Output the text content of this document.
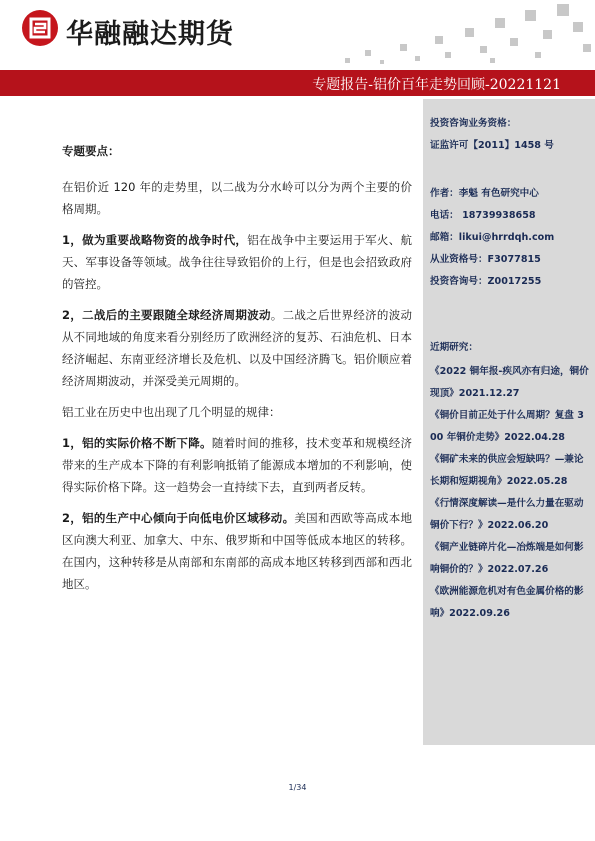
华融融达期货
专题报告-铝价百年走势回顾-20221121

专题要点：

在铝价近 120 年的走势里，以二战为分水岭可以分为两个主要的价格周期。

1，做为重要战略物资的战争时代，铝在战争中主要运用于军火、航天、军事设备等领域。战争往往导致铝价的上行，但是也会招致政府的管控。

2，二战后的主要跟随全球经济周期波动。二战之后世界经济的波动从不同地域的角度来看分别经历了欧洲经济的复苏、石油危机、日本经济崛起、东南亚经济增长及危机、以及中国经济腾飞。铝价顺应着经济周期波动，并深受美元周期的。

铝工业在历史中也出现了几个明显的规律：

1，铝的实际价格不断下降。随着时间的推移，技术变革和规模经济带来的生产成本下降的有利影响抵销了能源成本增加的不利影响，使得实际价格下降。这一趋势会一直持续下去，直到两者反转。

2，铝的生产中心倾向于向低电价区域移动。美国和西欧等高成本地区向澳大利亚、加拿大、中东、俄罗斯和中国等低成本地区的转移。在国内，这种转移是从南部和东南部的高成本地区转移到西部和西北地区。

投资咨询业务资格：
证监许可【2011】1458 号
作者：李魁 有色研究中心
电话： 18739938658
邮箱：likui@hrrdqh.com
从业资格号：F3077815
投资咨询号：Z0017255
近期研究：
《2022 铜年报-疾风亦有归途，铜价现顶》2021.12.27
《铜价目前正处于什么周期？复盘 300 年铜价走势》2022.04.28
《铜矿未来的供应会短缺吗？—兼论长期和短期视角》2022.05.28
《行情深度解读—是什么力量在驱动铜价下行？》2022.06.20
《铜产业链碎片化—冶炼端是如何影响铜价的？》2022.07.26
《欧洲能源危机对有色金属价格的影响》2022.09.26
1/34
